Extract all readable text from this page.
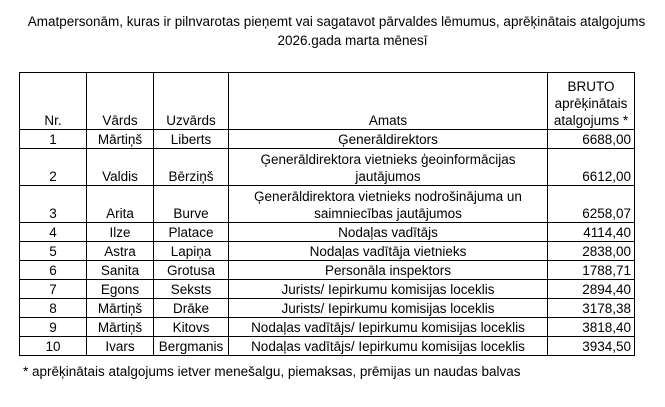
Amatpersonām, kuras ir pilnvarotas pieņemt vai sagatavot pārvaldes lēmumus, aprēķinātais atalgojums
2026.gada marta mēnesī
Nr.	Vārds	Uzvārds	Amats	BRUTO
aprēķinātais
atalgojums *
1	Mārtiņš	Liberts	Ģenerāldirektors	6688,00
2	Valdis	Bērziņš	Ģenerāldirektora vietnieks ģeoinformācijas
jautājumos	6612,00
3	Arita	Burve	Ģenerāldirektora vietnieks nodrošinājuma un
saimniecības jautājumos	6258,07
4	Ilze	Platace	Nodaļas vadītājs	4114,40
5	Astra	Lapiņa	Nodaļas vadītāja vietnieks	2838,00
6	Sanita	Grotusa	Personāla inspektors	1788,71
7	Egons	Seksts	Jurists/ Iepirkumu komisijas loceklis	2894,40
8	Mārtiņš	Drāke	Jurists/ Iepirkumu komisijas loceklis	3178,38
9	Mārtiņš	Kitovs	Nodaļas vadītājs/ Iepirkumu komisijas loceklis	3818,40
10	Ivars	Bergmanis	Nodaļas vadītājs/ Iepirkumu komisijas loceklis	3934,50
* aprēķinātais atalgojums ietver menešalgu, piemaksas, prēmijas un naudas balvas
